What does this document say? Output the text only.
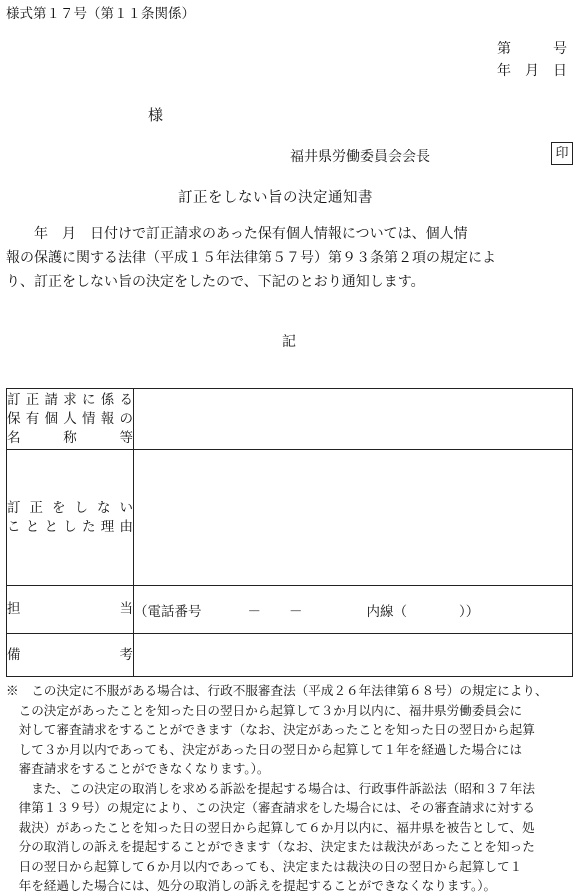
様式第１７号（第１１条関係）
第　　　号
年　月　日
様
福井県労働委員会会長	印
訂正をしない旨の決定通知書
　　年　月　日付けで訂正請求のあった保有個人情報については、個人情
報の保護に関する法律（平成１５年法律第５７号）第９３条第２項の規定によ
り、訂正をしない旨の決定をしたので、下記のとおり通知します。
記
訂正請求に係る
保有個人情報の
名 称 等	

訂正をしない
こととした理由	

担 当	（電話番号 － － 内線（ ））

備 考	

※　この決定に不服がある場合は、行政不服審査法（平成２６年法律第６８号）の規定により、
　この決定があったことを知った日の翌日から起算して３か月以内に、福井県労働委員会に
　対して審査請求をすることができます（なお、決定があったことを知った日の翌日から起算
　して３か月以内であっても、決定があった日の翌日から起算して１年を経過した場合には
　審査請求をすることができなくなります。）。
　　また、この決定の取消しを求める訴訟を提起する場合は、行政事件訴訟法（昭和３７年法
　律第１３９号）の規定により、この決定（審査請求をした場合には、その審査請求に対する
　裁決）があったことを知った日の翌日から起算して６か月以内に、福井県を被告として、処
　分の取消しの訴えを提起することができます（なお、決定または裁決があったことを知った
　日の翌日から起算して６か月以内であっても、決定または裁決の日の翌日から起算して１
　年を経過した場合には、処分の取消しの訴えを提起することができなくなります。）。
